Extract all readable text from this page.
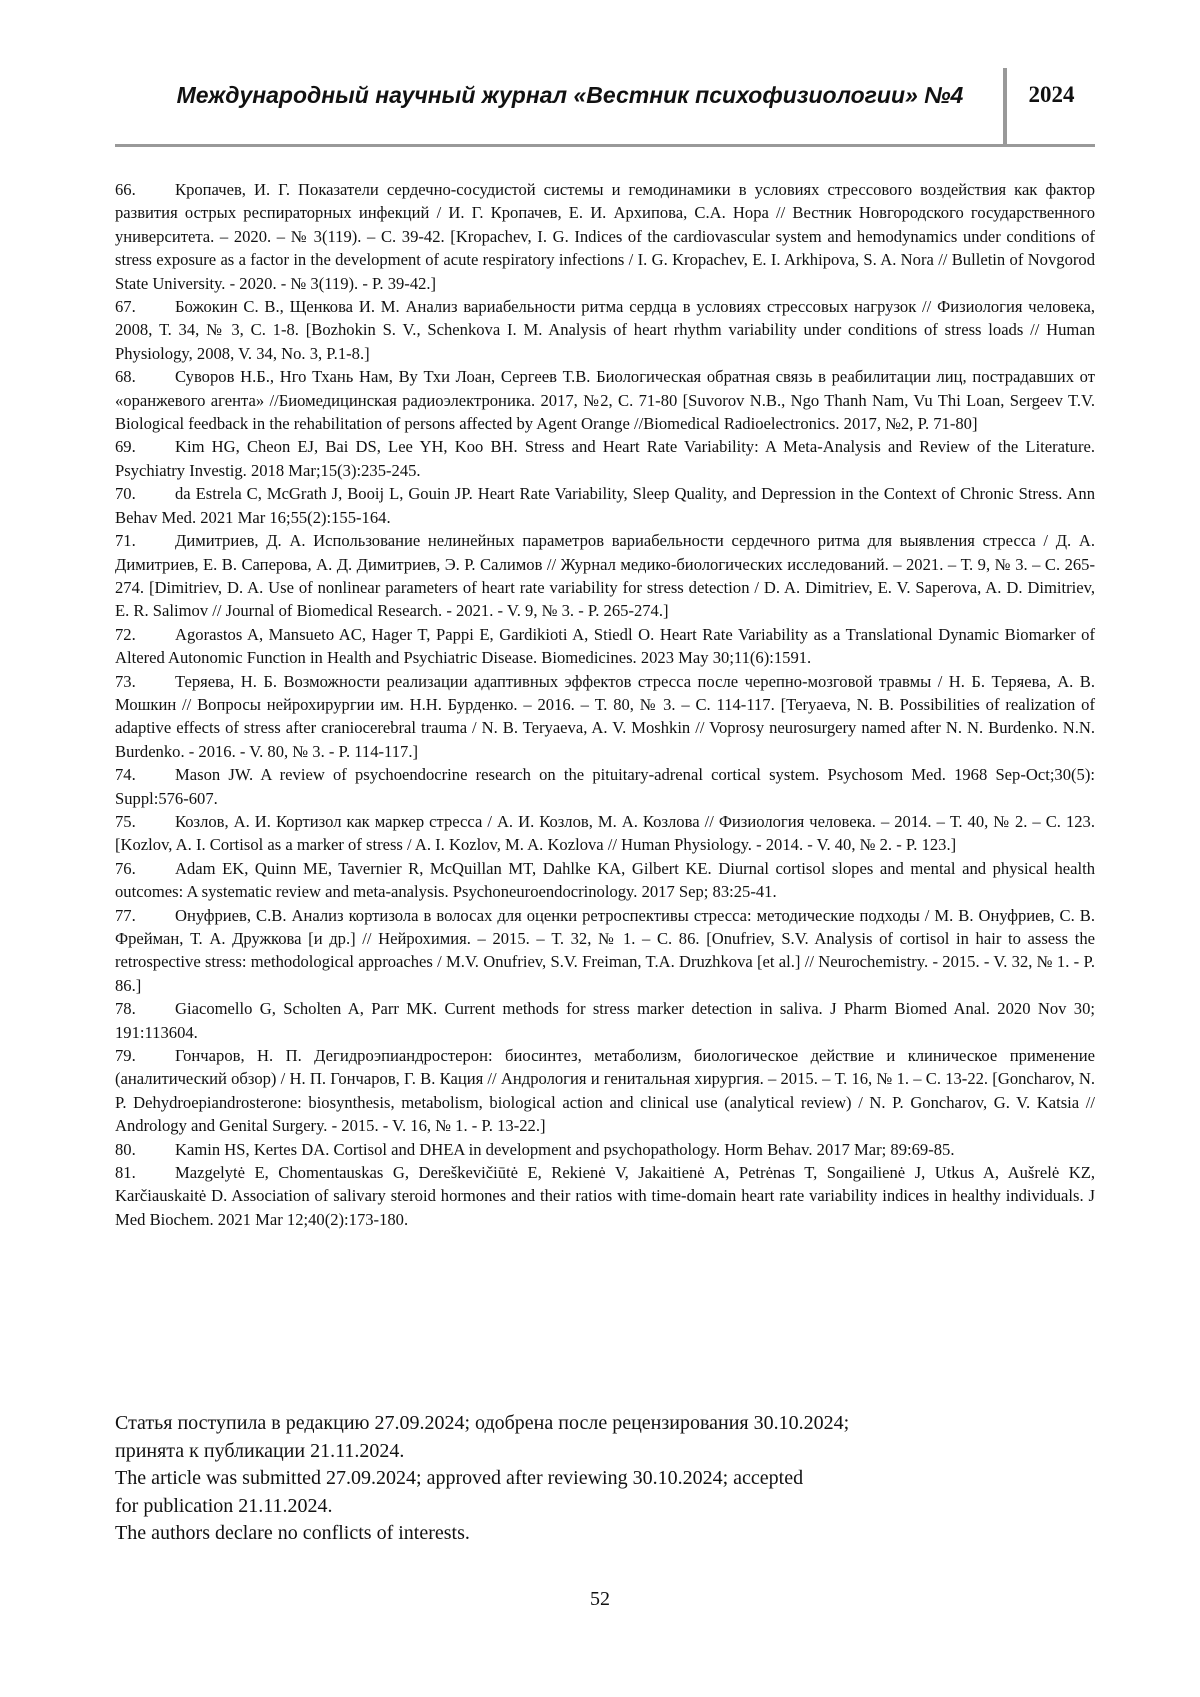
Международный научный журнал «Вестник психофизиологии» №4	2024

66. Кропачев, И. Г. Показатели сердечно-сосудистой системы и гемодинамики в условиях стрессового воздействия как фактор развития острых респираторных инфекций / И. Г. Кропачев, Е. И. Архипова, С.А. Нора // Вестник Новгородского государственного университета. – 2020. – № 3(119). – С. 39-42. [Kropachev, I. G. Indices of the cardiovascular system and hemodynamics under conditions of stress exposure as a factor in the development of acute respiratory infections / I. G. Kropachev, E. I. Arkhipova, S. A. Nora // Bulletin of Novgorod State University. - 2020. - № 3(119). - P. 39-42.]

67. Божокин С. В., Щенкова И. М. Анализ вариабельности ритма сердца в условиях стрессовых нагрузок // Физиология человека, 2008, Т. 34, № 3, С. 1-8. [Bozhokin S. V., Schenkova I. M. Analysis of heart rhythm variability under conditions of stress loads // Human Physiology, 2008, V. 34, No. 3, P.1-8.]

68. Суворов Н.Б., Нго Тхань Нам, Ву Тхи Лоан, Сергеев Т.В. Биологическая обратная связь в реабилитации лиц, пострадавших от «оранжевого агента» //Биомедицинская радиоэлектроника. 2017, №2, С. 71-80 [Suvorov N.B., Ngo Thanh Nam, Vu Thi Loan, Sergeev T.V. Biological feedback in the rehabilitation of persons affected by Agent Orange //Biomedical Radioelectronics. 2017, №2, P. 71-80]

69. Kim HG, Cheon EJ, Bai DS, Lee YH, Koo BH. Stress and Heart Rate Variability: A Meta-Analysis and Review of the Literature. Psychiatry Investig. 2018 Mar;15(3):235-245.

70. da Estrela C, McGrath J, Booij L, Gouin JP. Heart Rate Variability, Sleep Quality, and Depression in the Context of Chronic Stress. Ann Behav Med. 2021 Mar 16;55(2):155-164.

71. Димитриев, Д. А. Использование нелинейных параметров вариабельности сердечного ритма для выявления стресса / Д. А. Димитриев, Е. В. Саперова, А. Д. Димитриев, Э. Р. Салимов // Журнал медико-биологических исследований. – 2021. – Т. 9, № 3. – С. 265-274. [Dimitriev, D. A. Use of nonlinear parameters of heart rate variability for stress detection / D. A. Dimitriev, E. V. Saperova, A. D. Dimitriev, E. R. Salimov // Journal of Biomedical Research. - 2021. - V. 9, № 3. - P. 265-274.]

72. Agorastos A, Mansueto AC, Hager T, Pappi E, Gardikioti A, Stiedl O. Heart Rate Variability as a Translational Dynamic Biomarker of Altered Autonomic Function in Health and Psychiatric Disease. Biomedicines. 2023 May 30;11(6):1591.

73. Теряева, Н. Б. Возможности реализации адаптивных эффектов стресса после черепно-мозговой травмы / Н. Б. Теряева, А. В. Мошкин // Вопросы нейрохирургии им. Н.Н. Бурденко. – 2016. – Т. 80, № 3. – С. 114-117. [Teryaeva, N. B. Possibilities of realization of adaptive effects of stress after craniocerebral trauma / N. B. Teryaeva, A. V. Moshkin // Voprosy neurosurgery named after N. N. Burdenko. N.N. Burdenko. - 2016. - V. 80, № 3. - P. 114-117.]

74. Mason JW. A review of psychoendocrine research on the pituitary-adrenal cortical system. Psychosom Med. 1968 Sep-Oct;30(5): Suppl:576-607.

75. Козлов, А. И. Кортизол как маркер стресса / А. И. Козлов, М. А. Козлова // Физиология человека. – 2014. – Т. 40, № 2. – С. 123. [Kozlov, A. I. Cortisol as a marker of stress / A. I. Kozlov, M. A. Kozlova // Human Physiology. - 2014. - V. 40, № 2. - P. 123.]

76. Adam EK, Quinn ME, Tavernier R, McQuillan MT, Dahlke KA, Gilbert KE. Diurnal cortisol slopes and mental and physical health outcomes: A systematic review and meta-analysis. Psychoneuroendocrinology. 2017 Sep; 83:25-41.

77. Онуфриев, С.В. Анализ кортизола в волосах для оценки ретроспективы стресса: методические подходы / М. В. Онуфриев, С. В. Фрейман, Т. А. Дружкова [и др.] // Нейрохимия. – 2015. – Т. 32, № 1. – С. 86. [Onufriev, S.V. Analysis of cortisol in hair to assess the retrospective stress: methodological approaches / M.V. Onufriev, S.V. Freiman, T.A. Druzhkova [et al.] // Neurochemistry. - 2015. - V. 32, № 1. - P. 86.]

78. Giacomello G, Scholten A, Parr MK. Current methods for stress marker detection in saliva. J Pharm Biomed Anal. 2020 Nov 30; 191:113604.

79. Гончаров, Н. П. Дегидроэпиандростерон: биосинтез, метаболизм, биологическое действие и клиническое применение (аналитический обзор) / Н. П. Гончаров, Г. В. Кация // Андрология и генитальная хирургия. – 2015. – Т. 16, № 1. – С. 13-22. [Goncharov, N. P. Dehydroepiandrosterone: biosynthesis, metabolism, biological action and clinical use (analytical review) / N. P. Goncharov, G. V. Katsia // Andrology and Genital Surgery. - 2015. - V. 16, № 1. - P. 13-22.]

80. Kamin HS, Kertes DA. Cortisol and DHEA in development and psychopathology. Horm Behav. 2017 Mar; 89:69-85.

81. Mazgelytė E, Chomentauskas G, Dereškevičiūtė E, Rekienė V, Jakaitienė A, Petrėnas T, Songailienė J, Utkus A, Aušrelė KZ, Karčiauskaitė D. Association of salivary steroid hormones and their ratios with time-domain heart rate variability indices in healthy individuals. J Med Biochem. 2021 Mar 12;40(2):173-180.

Статья поступила в редакцию 27.09.2024; одобрена после рецензирования 30.10.2024;

принята к публикации 21.11.2024.

The article was submitted 27.09.2024; approved after reviewing 30.10.2024; accepted

for publication 21.11.2024.

The authors declare no conflicts of interests.

52
